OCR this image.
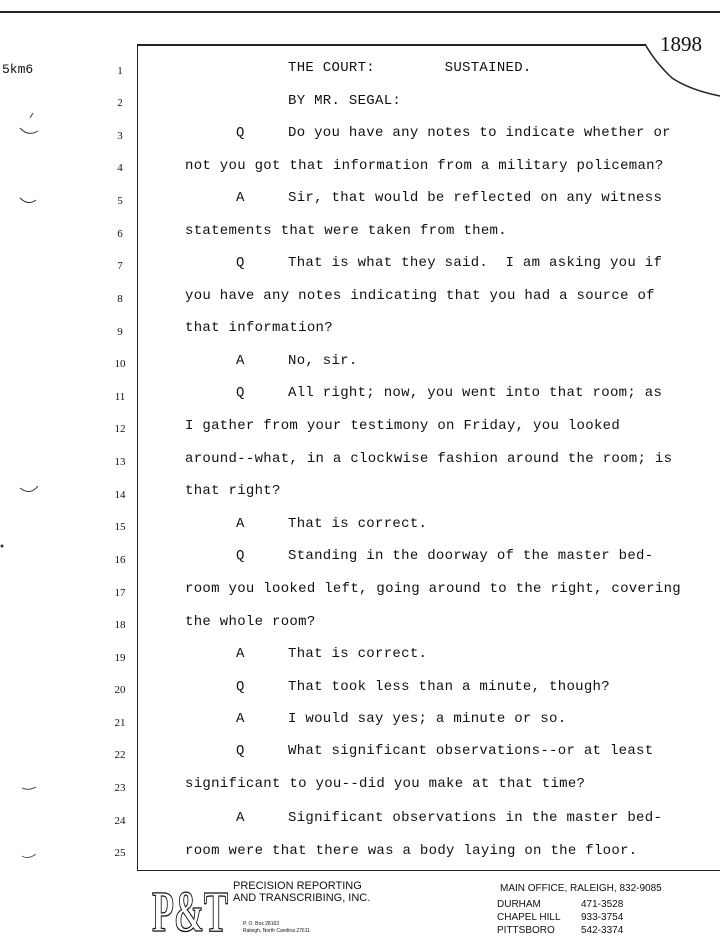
5km6
1898
1
2
3
4
5
6
7
8
9
10
11
12
13
14
15
16
17
18
19
20
21
22
23
24
25
THE COURT:        SUSTAINED.
BY MR. SEGAL:
Q	Do you have any notes to indicate whether or
not you got that information from a military policeman?
A	Sir, that would be reflected on any witness
statements that were taken from them.
Q	That is what they said.  I am asking you if
you have any notes indicating that you had a source of
that information?
A	No, sir.
Q	All right; now, you went into that room; as
I gather from your testimony on Friday, you looked
around--what, in a clockwise fashion around the room; is
that right?
A	That is correct.
Q	Standing in the doorway of the master bed-
room you looked left, going around to the right, covering
the whole room?
A	That is correct.
Q	That took less than a minute, though?
A	I would say yes; a minute or so.
Q	What significant observations--or at least
significant to you--did you make at that time?
A	Significant observations in the master bed-
room were that there was a body laying on the floor.
P&T PRECISION REPORTING
AND TRANSCRIBING, INC.
P. O. Box 28163
Raleigh, North Carolina 27611
MAIN OFFICE, RALEIGH, 832-9085
DURHAM	471-3528
CHAPEL HILL 933-3754
PITTSBORO	542-3374
